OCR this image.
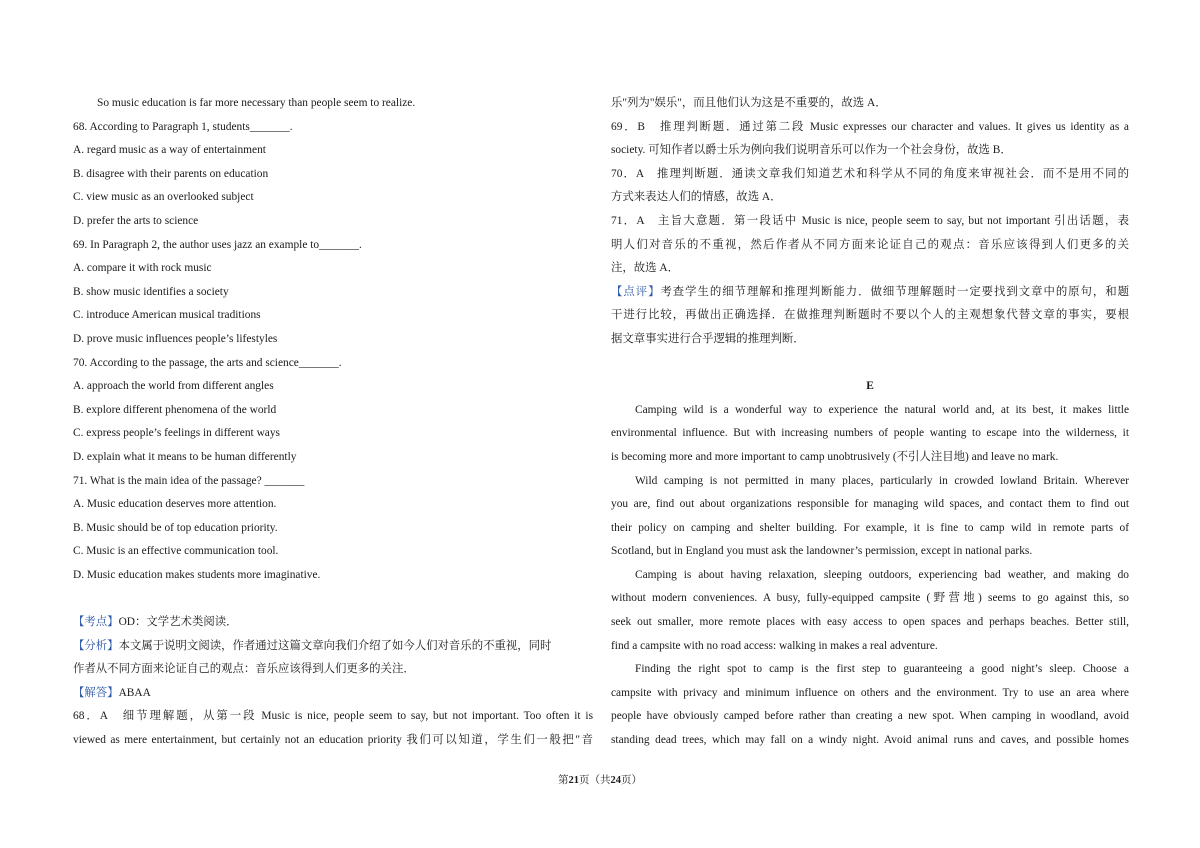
So music education is far more necessary than people seem to realize.
68. According to Paragraph 1, students_______.
A. regard music as a way of entertainment
B. disagree with their parents on education
C. view music as an overlooked subject
D. prefer the arts to science
69. In Paragraph 2, the author uses jazz an example to_______.
A. compare it with rock music
B. show music identifies a society
C. introduce American musical traditions
D. prove music influences people’s lifestyles
70. According to the passage, the arts and science_______.
A. approach the world from different angles
B. explore different phenomena of the world
C. express people’s feelings in different ways
D. explain what it means to be human differently
71. What is the main idea of the passage? _______
A. Music education deserves more attention.
B. Music should be of top education priority.
C. Music is an effective communication tool.
D. Music education makes students more imaginative.
【考点】OD：文学艺术类阅读．
【分析】本文属于说明文阅读，作者通过这篇文章向我们介绍了如今人们对音乐的不重视，同时
作者从不同方面来论证自己的观点：音乐应该得到人们更多的关注．
【解答】ABAA
68．A　细节理解题，从第一段 Music is nice, people seem to say, but not important. Too often it is
viewed as mere entertainment, but certainly not an education priority 我们可以知道，学生们一般把"音
乐"列为"娱乐"，而且他们认为这是不重要的，故选 A．
69．B　推理判断题．通过第二段 Music expresses our character and values. It gives us identity as a
society. 可知作者以爵士乐为例向我们说明音乐可以作为一个社会身份，故选 B．
70．A　推理判断题．通读文章我们知道艺术和科学从不同的角度来审视社会．而不是用不同的
方式来表达人们的情感，故选 A．
71．A　主旨大意题．第一段话中 Music is nice, people seem to say, but not important 引出话题，表
明人们对音乐的不重视，然后作者从不同方面来论证自己的观点：音乐应该得到人们更多的关
注，故选 A．
【点评】考查学生的细节理解和推理判断能力．做细节理解题时一定要找到文章中的原句，和题
干进行比较，再做出正确选择．在做推理判断题时不要以个人的主观想象代替文章的事实，要根
据文章事实进行合乎逻辑的推理判断．
E
Camping wild is a wonderful way to experience the natural world and, at its best, it makes little
environmental influence. But with increasing numbers of people wanting to escape into the wilderness, it
is becoming more and more important to camp unobtrusively (不引人注目地) and leave no mark.
Wild camping is not permitted in many places, particularly in crowded lowland Britain. Wherever
you are, find out about organizations responsible for managing wild spaces, and contact them to find out
their policy on camping and shelter building. For example, it is fine to camp wild in remote parts of
Scotland, but in England you must ask the landowner’s permission, except in national parks.
Camping is about having relaxation, sleeping outdoors, experiencing bad weather, and making do
without modern conveniences. A busy, fully-equipped campsite (野营地) seems to go against this, so
seek out smaller, more remote places with easy access to open spaces and perhaps beaches. Better still,
find a campsite with no road access: walking in makes a real adventure.
Finding the right spot to camp is the first step to guaranteeing a good night’s sleep. Choose a
campsite with privacy and minimum influence on others and the environment. Try to use an area where
people have obviously camped before rather than creating a new spot. When camping in woodland, avoid
standing dead trees, which may fall on a windy night. Avoid animal runs and caves, and possible homes
第21页（共24页）
